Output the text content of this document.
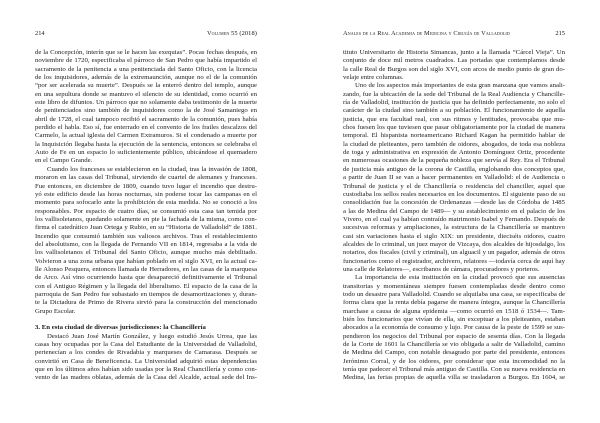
214	Volumen 55 (2018)
de la Concepción, interín que se le hacen las exequias”. Pocas fechas después, en
noviembre de 1720, especificaba el párroco de San Pedro que había impartido el
sacramento de la penitencia a una penitenciada del Santo Oficio, con la licencia
de los inquisidores, además de la extremaunción, aunque no el de la comunión
“por ser acelerada su muerte”. Después se la enterró dentro del templo, aunque
en una sepultura donde se mantuvo el silencio de su identidad, como ocurrió en
este libro de difuntos. Un párroco que no solamente daba testimonio de la muerte
de penitenciados sino también de inquisidores como la de José Samaniego en
abril de 1728, el cual tampoco recibió el sacramento de la comunión, pues había
perdido el habla. Eso sí, fue enterrado en el convento de los frailes descalzos del
Carmelo, la actual iglesia del Carmen Extramuros. Si el condenado a muerte por
la Inquisición llegaba hasta la ejecución de la sentencia, entonces se celebraba el
Auto de Fe en un espacio lo suficientemente público, ubicándose el quemadero
en el Campo Grande.
Cuando los franceses se establecieron en la ciudad, tras la invasión de 1808,
moraron en las casas del Tribunal, sirviendo de cuartel de alemanes y franceses.
Fue entonces, en diciembre de 1809, cuando tuvo lugar el incendio que destru-
yó este edificio desde las horas nocturnas, sin poderse tocar las campanas en el
momento para sofocarlo ante la prohibición de esta medida. No se conoció a los
responsables. Por espacio de cuatro días, se consumió esta casa tan temida por
los vallisoletanos, quedando solamente en pie la fachada de la misma, como con-
firma el catedrático Juan Ortega y Rubio, en su “Historia de Valladolid” de 1881.
Incendio que consumió también sus valiosos archivos. Tras el restablecimiento
del absolutismo, con la llegada de Fernando VII en 1814, regresaba a la vida de
los vallisoletanos el Tribunal del Santo Oficio, aunque mucho más debilitado.
Volvieron a una zona urbana que habían poblado en el siglo XVI, en la actual ca-
lle Alonso Pesquera, entonces llamada de Herradores, en las casas de la marquesa
de Arco. Así vino ocurriendo hasta que desapareció definitivamente el Tribunal
con el Antiguo Régimen y la llegada del liberalismo. El espacio de la casa de la
parroquia de San Pedro fue subastado en tiempos de desamortizaciones y, duran-
te la Dictadura de Primo de Rivera sirvió para la construcción del mencionado
Grupo Escolar.
3. En esta ciudad de diversas jurisdicciones: la Chancillería
Destacó Juan José Martín González, y luego estudió Jesús Urrea, que las
casas hoy ocupadas por la Casa del Estudiante de la Universidad de Valladolid,
pertenecían a los condes de Rivadabia y marqueses de Camarasa. Después se
convirtió en Casa de Beneficencia. La Universidad adquirió estas dependencias
que en los últimos años habían sido usadas por la Real Chancillería y como con-
vento de las madres oblatas, además de la Casa del Alcalde, actual sede del Ins-
Anales de la Real Academia de Medicina y Cirugía de Valladolid	215
tituto Universitario de Historia Simancas, junto a la llamada “Cárcel Vieja”. Un
conjunto de doce mil metros cuadrados. Las portadas que contemplamos desde
la calle Real de Burgos son del siglo XVI, con arcos de medio punto de gran do-
velaje entre columnas.
Uno de los aspectos más importantes de esta gran manzana que vamos anali-
zando, fue la ubicación de la sede del Tribunal de la Real Audiencia y Chancille-
ría de Valladolid, institución de justicia que ha definido perfectamente, no solo el
carácter de la ciudad sino también a su población. El funcionamiento de aquella
justicia, que era facultad real, con sus ritmos y lentitudes, provocaba que mu-
chos fuesen los que tuviesen que pasar obligatoriamente por la ciudad de manera
temporal. El hispanista norteamericano Richard Kagan ha permitido hablar de
la ciudad de pleiteantes, pero también de oidores, abogados, de toda esa nobleza
de toga y administrativa en expresión de Antonio Domínguez Ortiz, procedente
en numerosas ocasiones de la pequeña nobleza que servía al Rey. Era el Tribunal
de justicia más antiguo de la corona de Castilla, englobando dos conceptos que,
a partir de Juan II se van a hacer permanentes en Valladolid: el de Audiencia o
Tribunal de justicia y el de Chancillería o residencia del chanciller, aquel que
custodiaba los sellos reales necesarios en los documentos. El siguiente paso de su
consolidación fue la concesión de Ordenanzas —desde las de Córdoba de 1485
a las de Medina del Campo de 1489— y su establecimiento en el palacio de los
Vivero, en el cual ya habían contraído matrimonio Isabel y Fernando. Después de
sucesivas reformas y ampliaciones, la estructura de la Chancillería se mantuvo
casi sin variaciones hasta el siglo XIX: un presidente, dieciséis oidores, cuatro
alcaldes de lo criminal, un juez mayor de Vizcaya, dos alcaldes de hijosdalgo, los
notarios, dos fiscales (civil y criminal), un alguacil y un pagador, además de otros
funcionarios como el registrador, archivero, relatores —todavía cerca de aquí hay
una calle de Relatores—, escribanos de cámara, procuradores y porteros.
La importancia de esta institución en la ciudad provocó que sus ausencias
transitorias y momentáneas siempre fuesen contempladas desde dentro como
todo un desastre para Valladolid. Cuando se alquilaba una casa, se especificaba de
forma clara que la renta debía pagarse de manera íntegra, aunque la Chancillería
marchase a causa de alguna epidemia —como ocurrió en 1518 ó 1534—. Tam-
bién los funcionarios que vivían de ella, sin exceptuar a los pleiteantes, estaban
abocados a la economía de consumo y lujo. Por causa de la peste de 1599 se sus-
pendieron los negocios del Tribunal por espacio de sesenta días. Con la llegada
de la Corte de 1601 la Chancillería se vio obligada a salir de Valladolid, camino
de Medina del Campo, con notable desagrado por parte del presidente, entonces
Jerónimo Corral, y de los oidores, por considerar que esta incomodidad no la
tenía que padecer el Tribunal más antiguo de Castilla. Con su nueva residencia en
Medina, las ferias propias de aquella villa se trasladaron a Burgos. En 1604, se
